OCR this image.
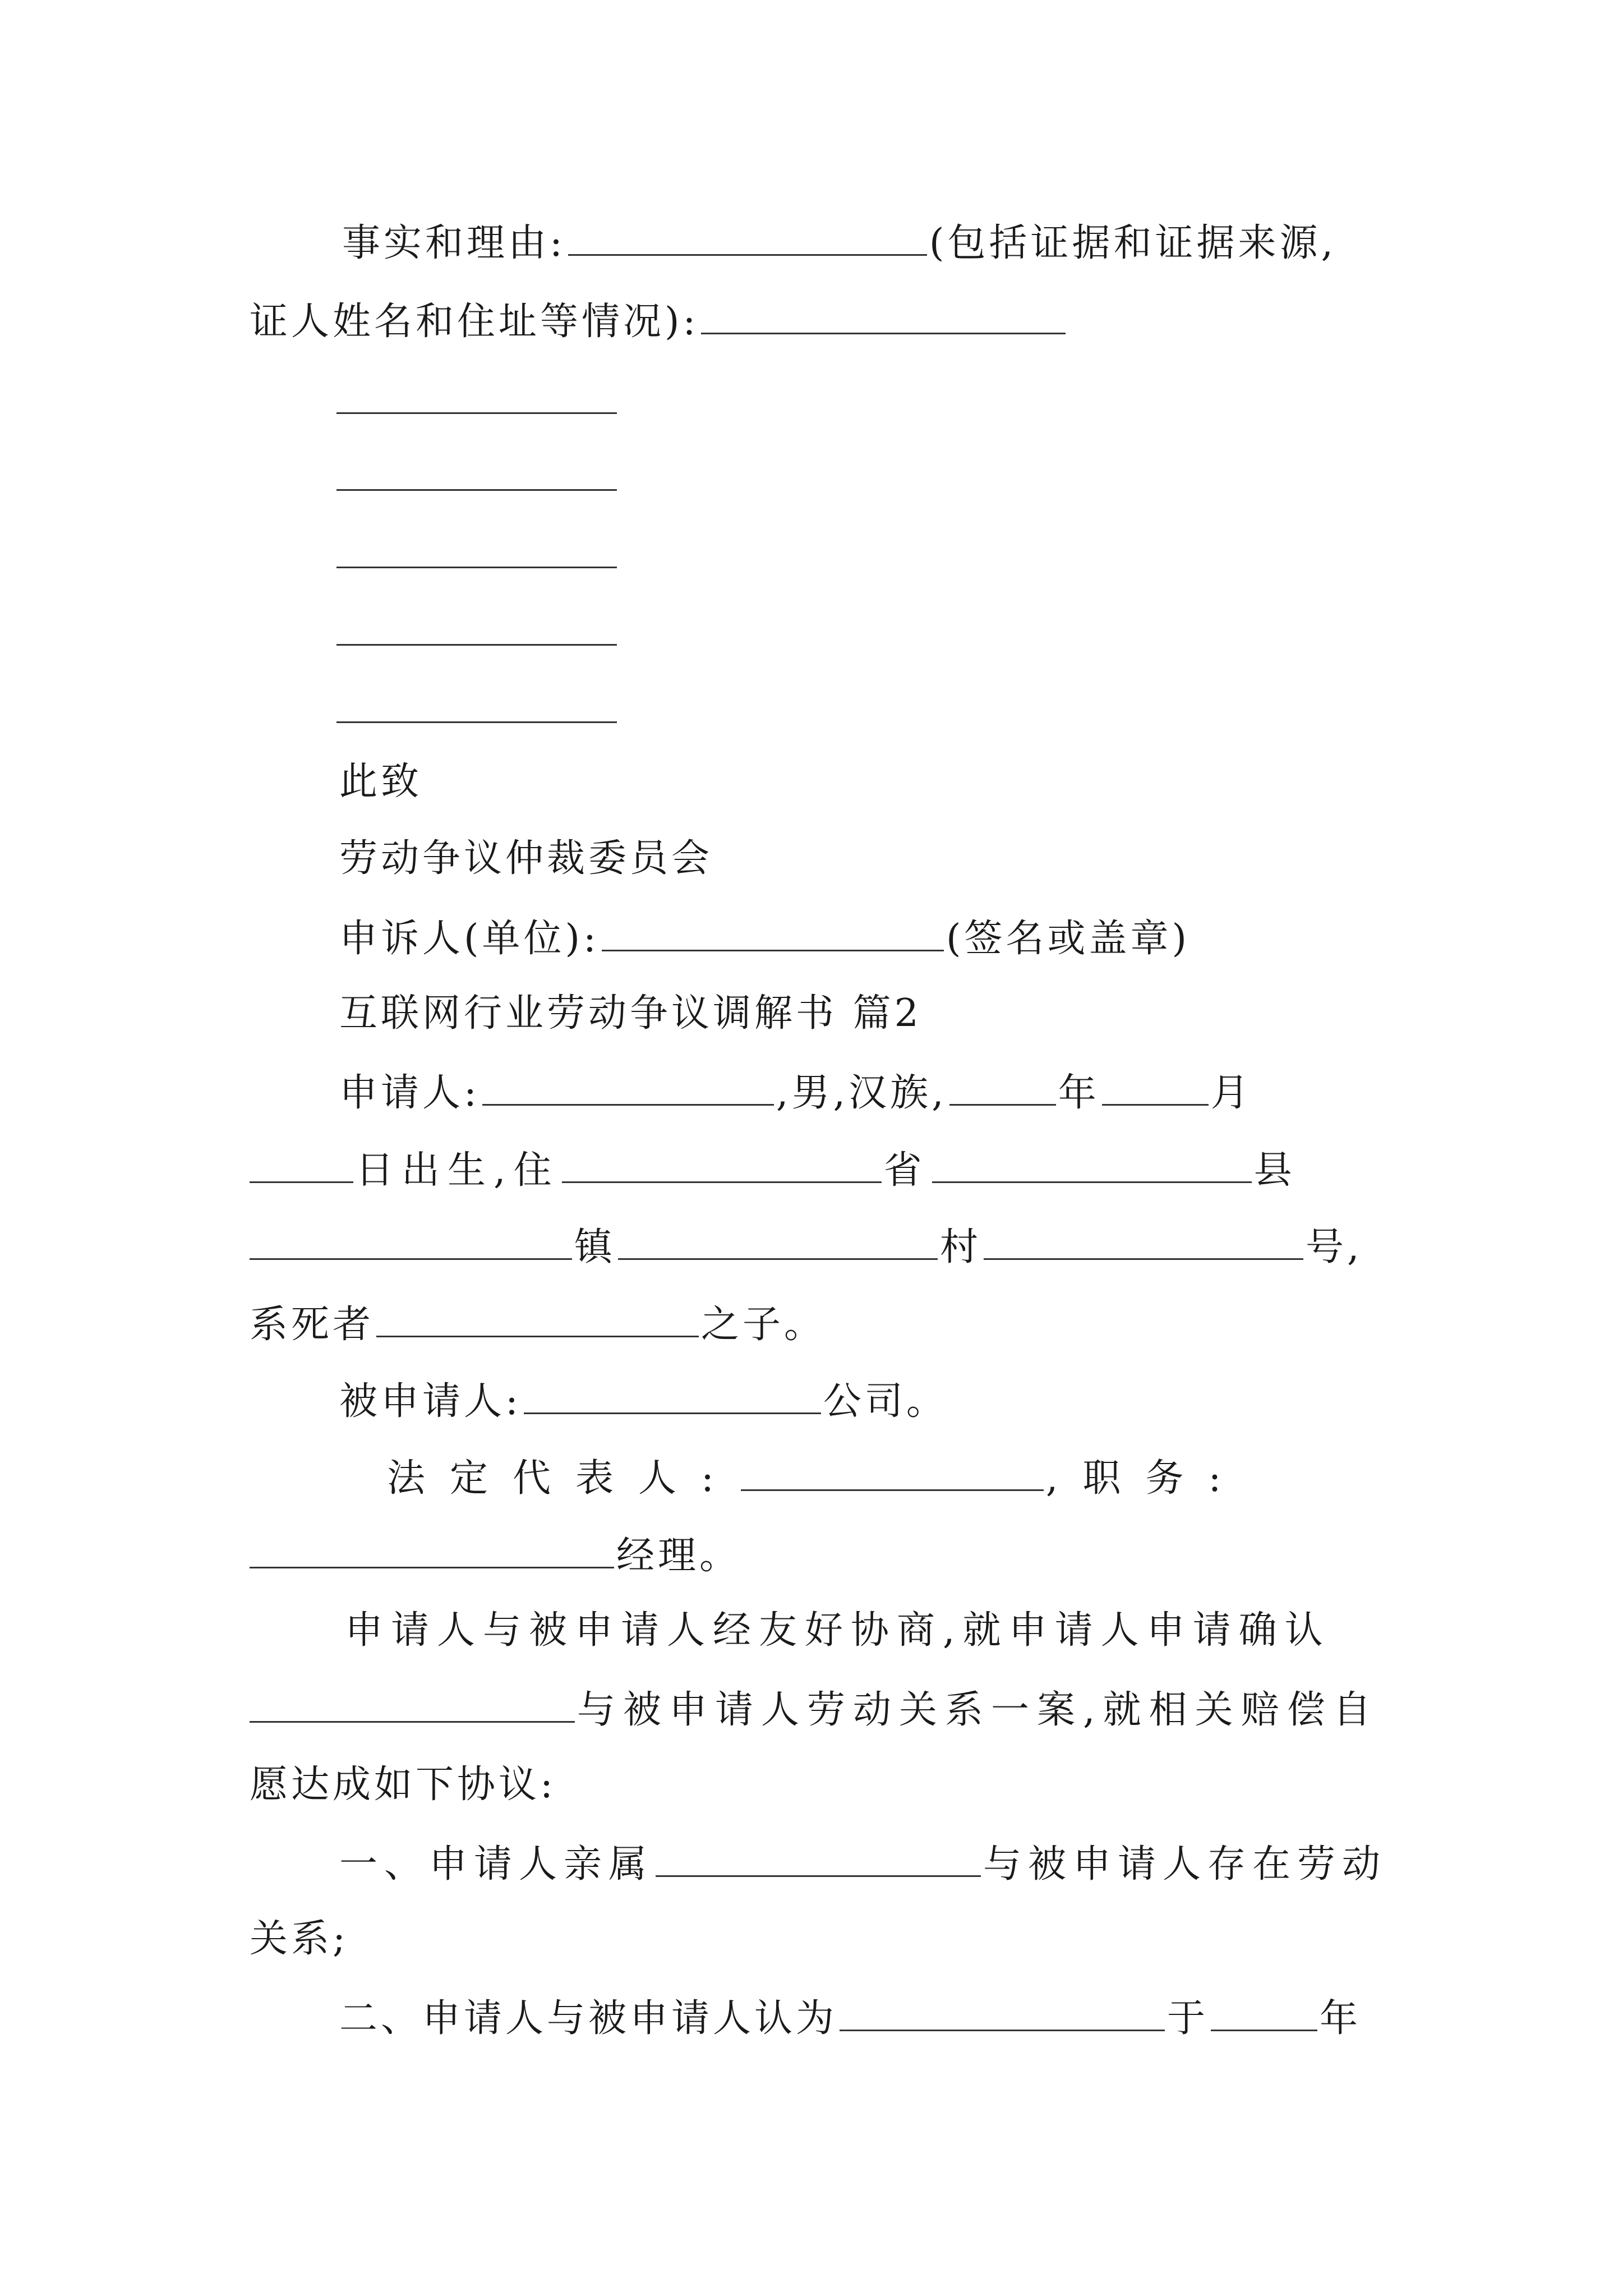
事实和理由:	(包括证据和证据来源,
证人姓名和住址等情况):
此致
劳动争议仲裁委员会
申诉人(单位):	(签名或盖章)
互联网行业劳动争议调解书 篇2
申请人:	,男,汉族,	年	月
日出生,住	省	县
镇	村	号,
系死者	之子。
被申请人:	公司。
法定代表人:	,职务:
经理。
申请人与被申请人经友好协商,就申请人申请确认
与被申请人劳动关系一案,就相关赔偿自
愿达成如下协议:
一、申请人亲属	与被申请人存在劳动
关系;
二、申请人与被申请人认为	于	年
